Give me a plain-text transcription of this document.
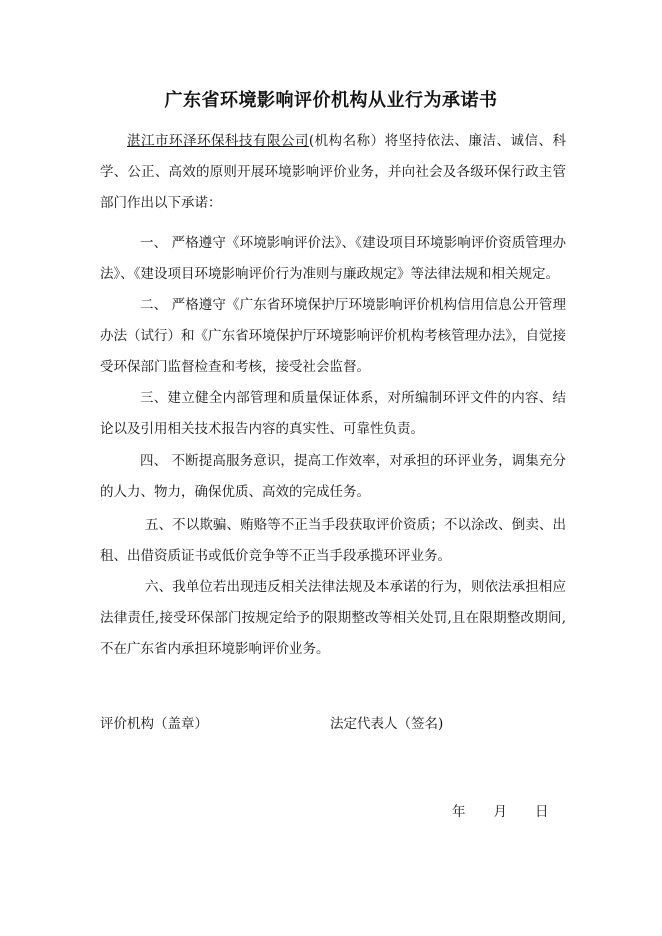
广东省环境影响评价机构从业行为承诺书

湛江市环泽环保科技有限公司(机构名称）将坚持依法、廉洁、诚信、科学、公正、高效的原则开展环境影响评价业务，并向社会及各级环保行政主管部门作出以下承诺：

一、 严格遵守《环境影响评价法》、《建设项目环境影响评价资质管理办法》、《建设项目环境影响评价行为准则与廉政规定》等法律法规和相关规定。

二、 严格遵守《广东省环境保护厅环境影响评价机构信用信息公开管理办法（试行）和《广东省环境保护厅环境影响评价机构考核管理办法》，自觉接受环保部门监督检查和考核，接受社会监督。

三、建立健全内部管理和质量保证体系，对所编制环评文件的内容、结论以及引用相关技术报告内容的真实性、可靠性负责。

四、 不断提高服务意识，提高工作效率，对承担的环评业务，调集充分的人力、物力，确保优质、高效的完成任务。

五、不以欺骗、贿赂等不正当手段获取评价资质；不以涂改、倒卖、出租、出借资质证书或低价竞争等不正当手段承揽环评业务。

六、我单位若出现违反相关法律法规及本承诺的行为，则依法承担相应法律责任,接受环保部门按规定给予的限期整改等相关处罚,且在限期整改期间,不在广东省内承担环境影响评价业务。

评价机构（盖章）	法定代表人（签名)
年 月 日
